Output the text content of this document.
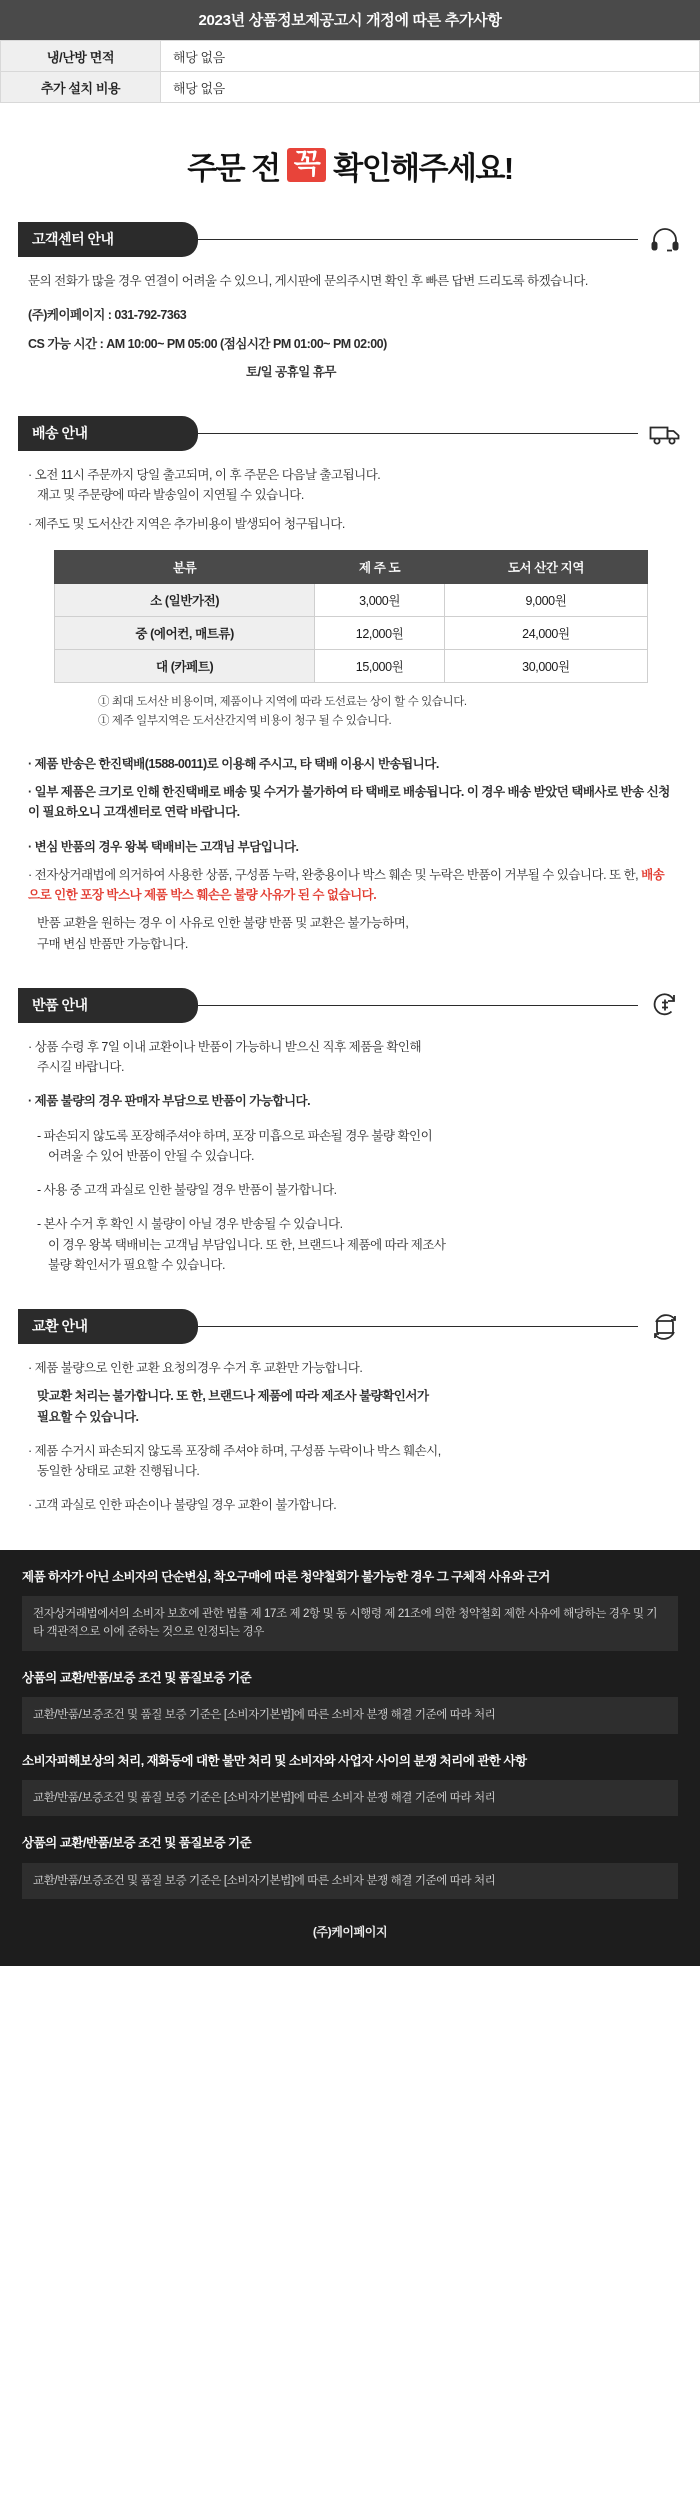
2023년 상품정보제공고시 개정에 따른 추가사항
냉/난방 면적	해당 없음
추가 설치 비용	해당 없음
주문 전 꼭 확인해주세요!
고객센터 안내

문의 전화가 많을 경우 연결이 어려울 수 있으니, 게시판에 문의주시면 확인 후 빠른 답변 드리도록 하겠습니다.

(주)케이페이지 : 031-792-7363

CS 가능 시간 : AM 10:00~ PM 05:00 (점심시간 PM 01:00~ PM 02:00)

토/일 공휴일 휴무

배송 안내

· 오전 11시 주문까지 당일 출고되며, 이 후 주문은 다음날 출고됩니다.
재고 및 주문량에 따라 발송일이 지연될 수 있습니다.

· 제주도 및 도서산간 지역은 추가비용이 발생되어 청구됩니다.

분류	제 주 도	도서 산간 지역
소 (일반가전)	3,000원	9,000원
중 (에어컨, 매트류)	12,000원	24,000원
대 (카페트)	15,000원	30,000원
① 최대 도서산 비용이며, 제품이나 지역에 따라 도선료는 상이 할 수 있습니다.
① 제주 일부지역은 도서산간지역 비용이 청구 될 수 있습니다.

· 제품 반송은 한진택배(1588-0011)로 이용해 주시고, 타 택배 이용시 반송됩니다.

· 일부 제품은 크기로 인해 한진택배로 배송 및 수거가 불가하여 타 택배로 배송됩니다. 이 경우 배송 받았던 택배사로 반송 신청이 필요하오니 고객센터로 연락 바랍니다.

· 변심 반품의 경우 왕복 택배비는 고객님 부담입니다.

· 전자상거래법에 의거하여 사용한 상품, 구성품 누락, 완충용이나 박스 훼손 및 누락은 반품이 거부될 수 있습니다. 또 한, 배송으로 인한 포장 박스나 제품 박스 훼손은 불량 사유가 된 수 없습니다.

반품 교환을 원하는 경우 이 사유로 인한 불량 반품 및 교환은 불가능하며,
구매 변심 반품만 가능합니다.

반품 안내

· 상품 수령 후 7일 이내 교환이나 반품이 가능하니 받으신 직후 제품을 확인해
주시길 바랍니다.

· 제품 불량의 경우 판매자 부담으로 반품이 가능합니다.

- 파손되지 않도록 포장해주셔야 하며, 포장 미흡으로 파손될 경우 불량 확인이
어려울 수 있어 반품이 안될 수 있습니다.

- 사용 중 고객 과실로 인한 불량일 경우 반품이 불가합니다.

- 본사 수거 후 확인 시 불량이 아닐 경우 반송될 수 있습니다.
이 경우 왕복 택배비는 고객님 부담입니다. 또 한, 브랜드나 제품에 따라 제조사
불량 확인서가 필요할 수 있습니다.

교환 안내

· 제품 불량으로 인한 교환 요청의경우 수거 후 교환만 가능합니다.

맞교환 처리는 불가합니다. 또 한, 브랜드나 제품에 따라 제조사 불량확인서가
필요할 수 있습니다.

· 제품 수거시 파손되지 않도록 포장해 주셔야 하며, 구성품 누락이나 박스 훼손시,
동일한 상태로 교환 진행됩니다.

· 고객 과실로 인한 파손이나 불량일 경우 교환이 불가합니다.

제품 하자가 아닌 소비자의 단순변심, 착오구매에 따른 청약철회가 불가능한 경우 그 구체적 사유와 근거
전자상거래법에서의 소비자 보호에 관한 법률 제 17조 제 2항 및 동 시행령 제 21조에 의한 청약철회 제한 사유에 해당하는 경우 및 기타 객관적으로 이에 준하는 것으로 인정되는 경우
상품의 교환/반품/보증 조건 및 품질보증 기준
교환/반품/보증조건 및 품질 보증 기준은 [소비자기본법]에 따른 소비자 분쟁 해결 기준에 따라 처리
소비자피해보상의 처리, 재화등에 대한 불만 처리 및 소비자와 사업자 사이의 분쟁 처리에 관한 사항
교환/반품/보증조건 및 품질 보증 기준은 [소비자기본법]에 따른 소비자 분쟁 해결 기준에 따라 처리
상품의 교환/반품/보증 조건 및 품질보증 기준
교환/반품/보증조건 및 품질 보증 기준은 [소비자기본법]에 따른 소비자 분쟁 해결 기준에 따라 처리
(주)케이페이지
